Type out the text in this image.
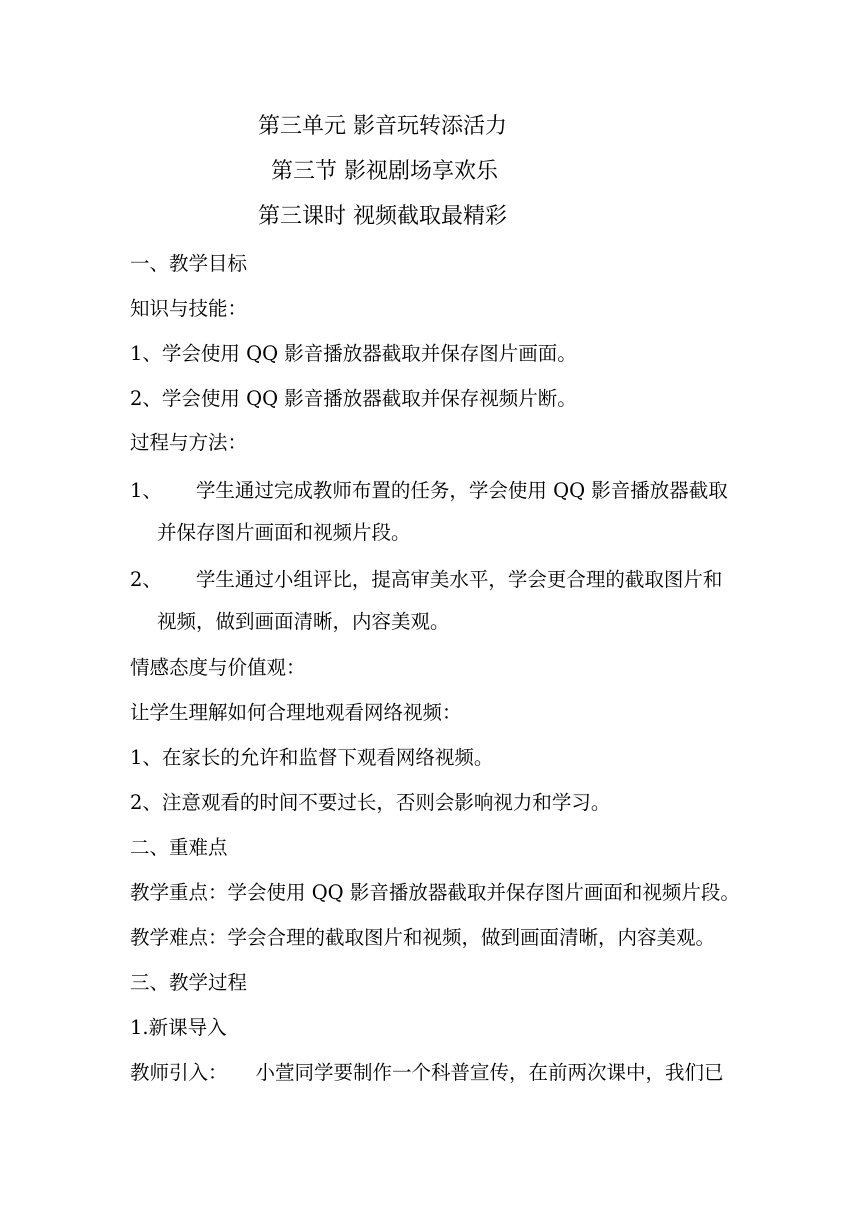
第三单元 影音玩转添活力
第三节 影视剧场享欢乐
第三课时 视频截取最精彩
一、教学目标
知识与技能：
1、学会使用 QQ 影音播放器截取并保存图片画面。
2、学会使用 QQ 影音播放器截取并保存视频片断。
过程与方法：
1、 学生通过完成教师布置的任务，学会使用 QQ 影音播放器截取
并保存图片画面和视频片段。
2、 学生通过小组评比，提高审美水平，学会更合理的截取图片和
视频，做到画面清晰，内容美观。
情感态度与价值观：
让学生理解如何合理地观看网络视频：
1、在家长的允许和监督下观看网络视频。
2、注意观看的时间不要过长，否则会影响视力和学习。
二、重难点
教学重点：学会使用 QQ 影音播放器截取并保存图片画面和视频片段。
教学难点：学会合理的截取图片和视频，做到画面清晰，内容美观。
三、教学过程
1.新课导入
教师引入： 小萱同学要制作一个科普宣传，在前两次课中，我们已
